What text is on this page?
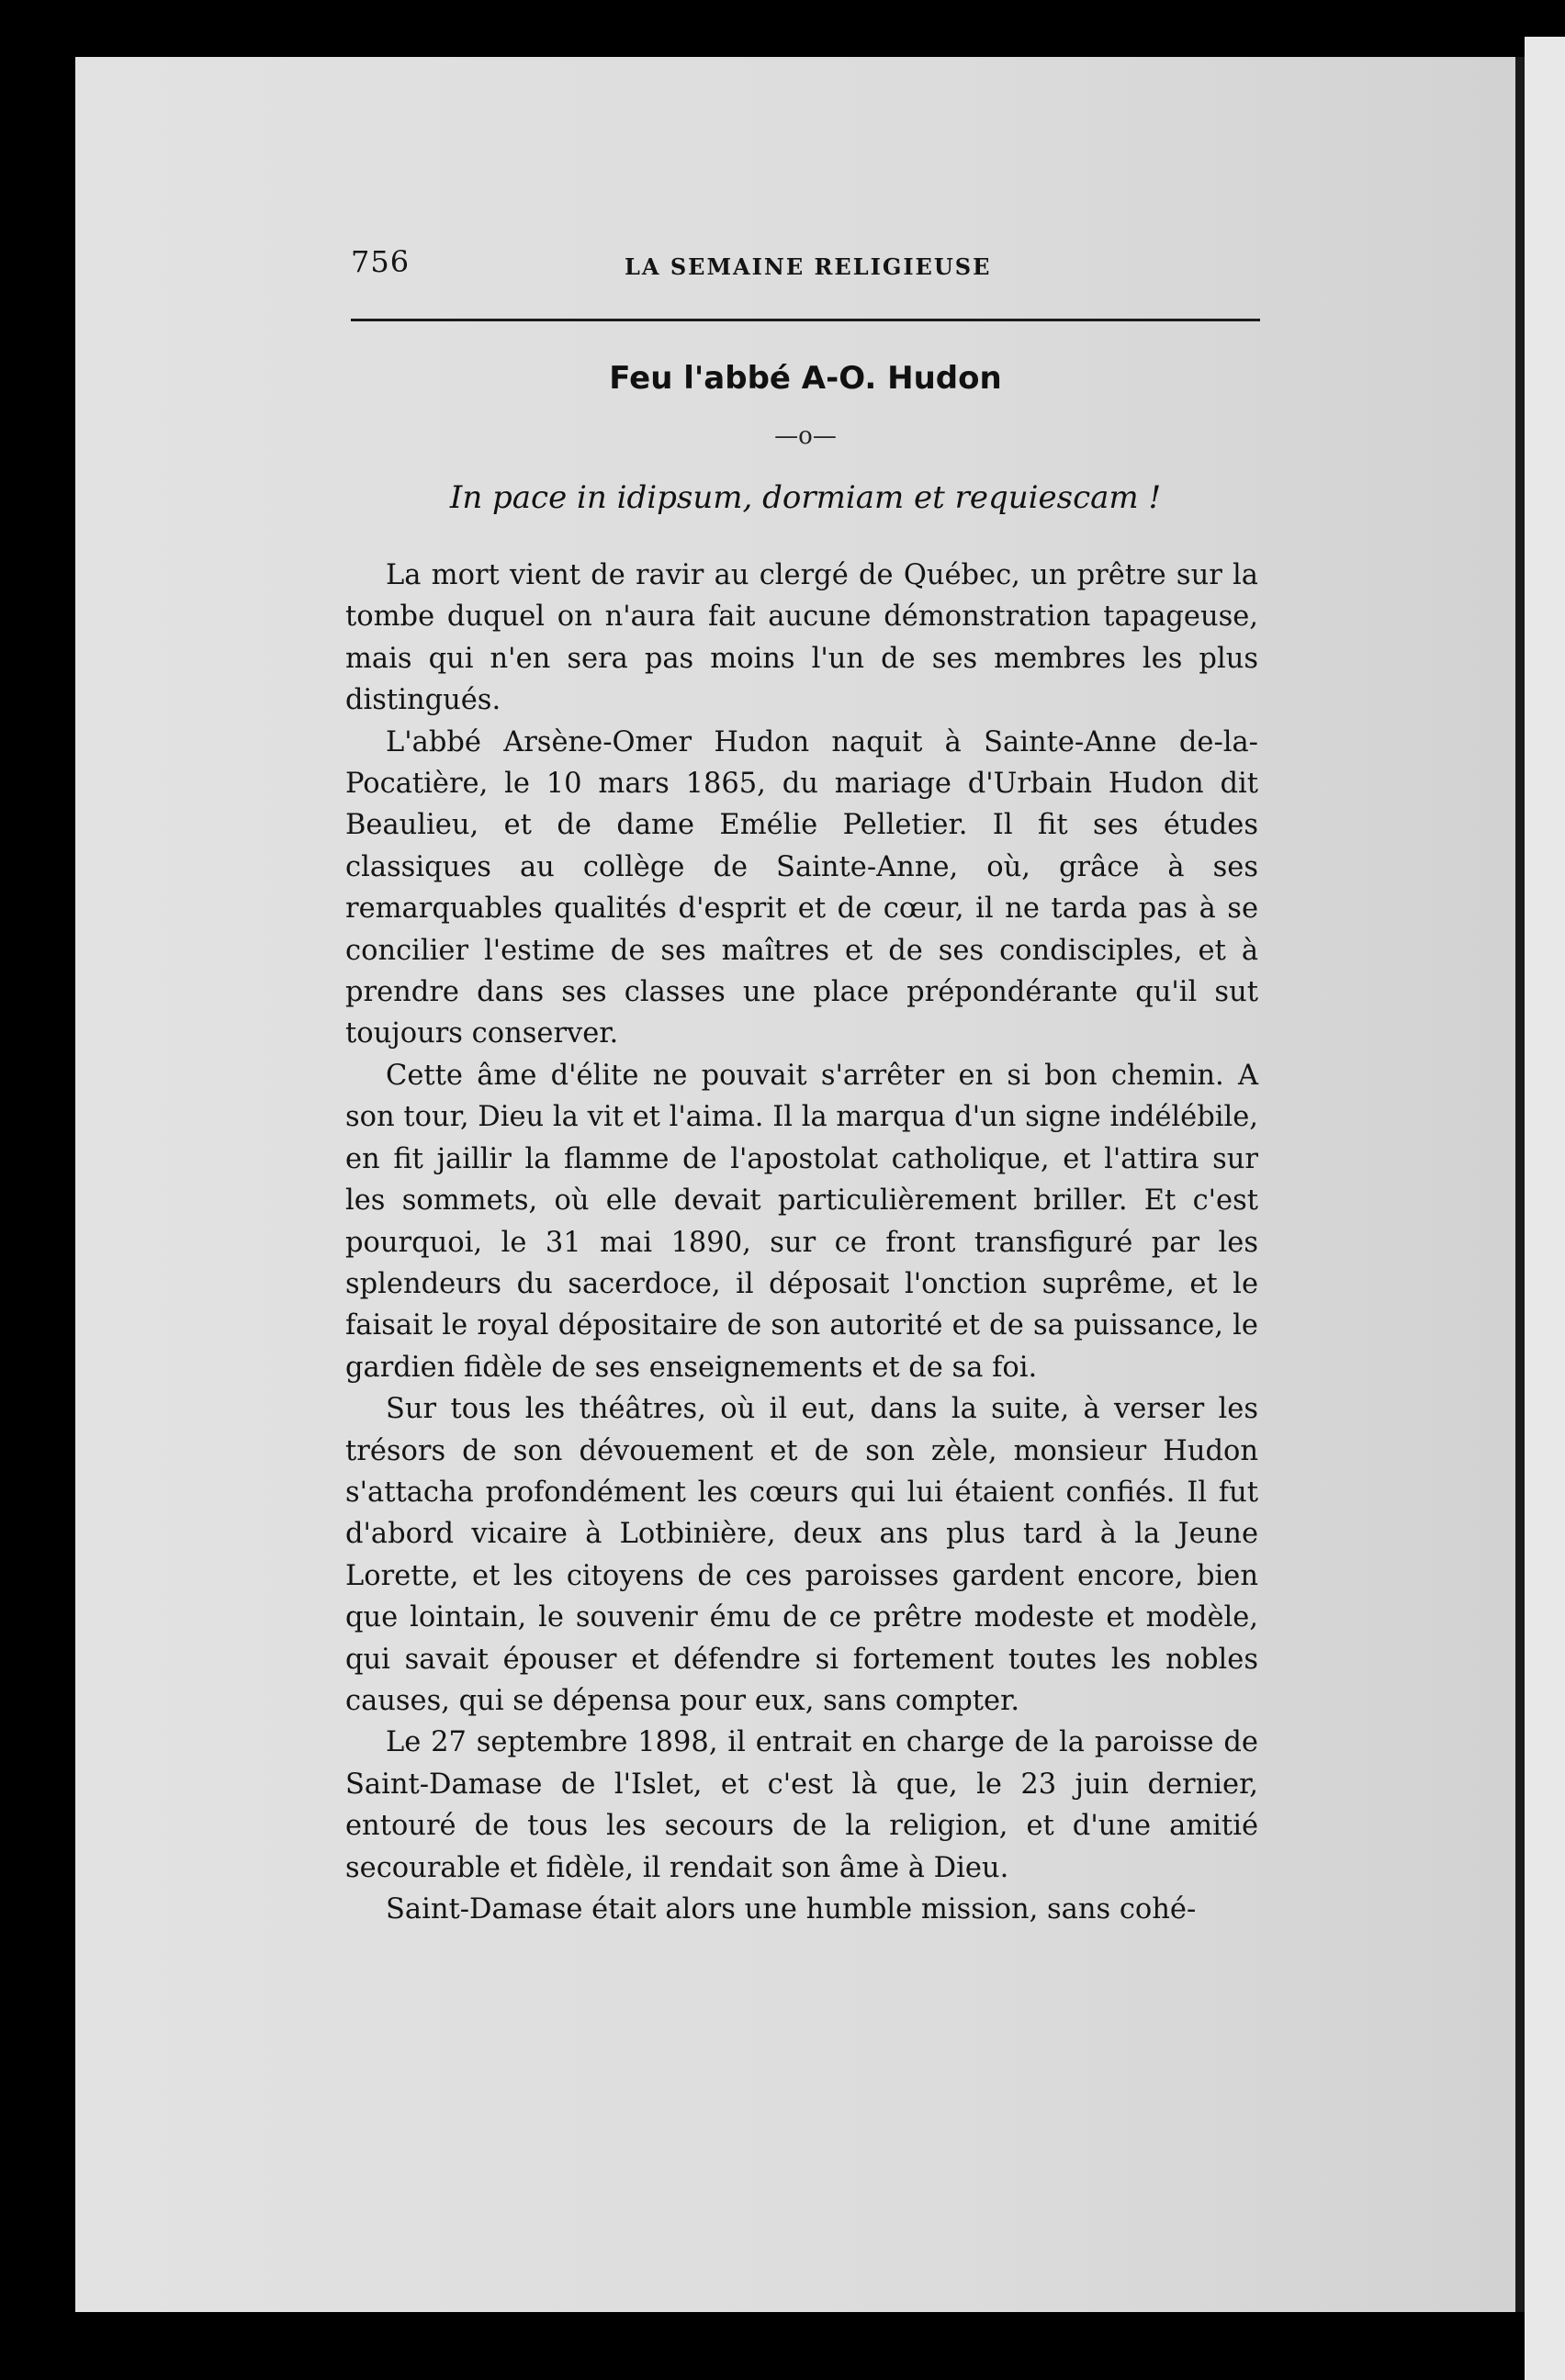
756	LA SEMAINE RELIGIEUSE
Feu l'abbé A-O. Hudon
—o—
In pace in idipsum, dormiam et requiescam !

La mort vient de ravir au clergé de Québec, un prêtre sur la tombe duquel on n'aura fait aucune démonstration tapageuse, mais qui n'en sera pas moins l'un de ses membres les plus distingués.

L'abbé Arsène-Omer Hudon naquit à Sainte-Anne de-la-Pocatière, le 10 mars 1865, du mariage d'Urbain Hudon dit Beaulieu, et de dame Emélie Pelletier. Il fit ses études classiques au collège de Sainte-Anne, où, grâce à ses remarquables qualités d'esprit et de cœur, il ne tarda pas à se concilier l'estime de ses maîtres et de ses condisciples, et à prendre dans ses classes une place prépondérante qu'il sut toujours conserver.

Cette âme d'élite ne pouvait s'arrêter en si bon chemin. A son tour, Dieu la vit et l'aima. Il la marqua d'un signe indélébile, en fit jaillir la flamme de l'apostolat catholique, et l'attira sur les sommets, où elle devait particulièrement briller. Et c'est pourquoi, le 31 mai 1890, sur ce front transfiguré par les splendeurs du sacerdoce, il déposait l'onction suprême, et le faisait le royal dépositaire de son autorité et de sa puissance, le gardien fidèle de ses enseignements et de sa foi.

Sur tous les théâtres, où il eut, dans la suite, à verser les trésors de son dévouement et de son zèle, monsieur Hudon s'attacha profondément les cœurs qui lui étaient confiés. Il fut d'abord vicaire à Lotbinière, deux ans plus tard à la Jeune Lorette, et les citoyens de ces paroisses gardent encore, bien que lointain, le souvenir ému de ce prêtre modeste et modèle, qui savait épouser et défendre si fortement toutes les nobles causes, qui se dépensa pour eux, sans compter.

Le 27 septembre 1898, il entrait en charge de la paroisse de Saint-Damase de l'Islet, et c'est là que, le 23 juin dernier, entouré de tous les secours de la religion, et d'une amitié secourable et fidèle, il rendait son âme à Dieu.

Saint-Damase était alors une humble mission, sans cohé-
